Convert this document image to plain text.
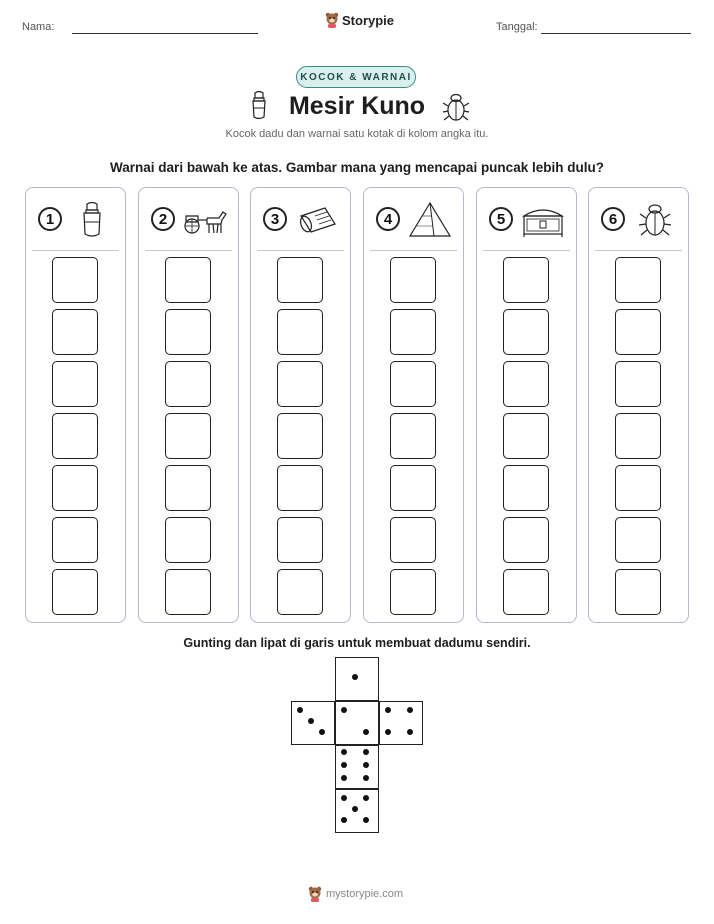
Nama:	Storypie	Tanggal:
KOCOK & WARNAI
Mesir Kuno
Kocok dadu dan warnai satu kotak di kolom angka itu.
Warnai dari bawah ke atas. Gambar mana yang mencapai puncak lebih dulu?
1	2	3	4	5	6
Gunting dan lipat di garis untuk membuat dadumu sendiri.
mystorypie.com
